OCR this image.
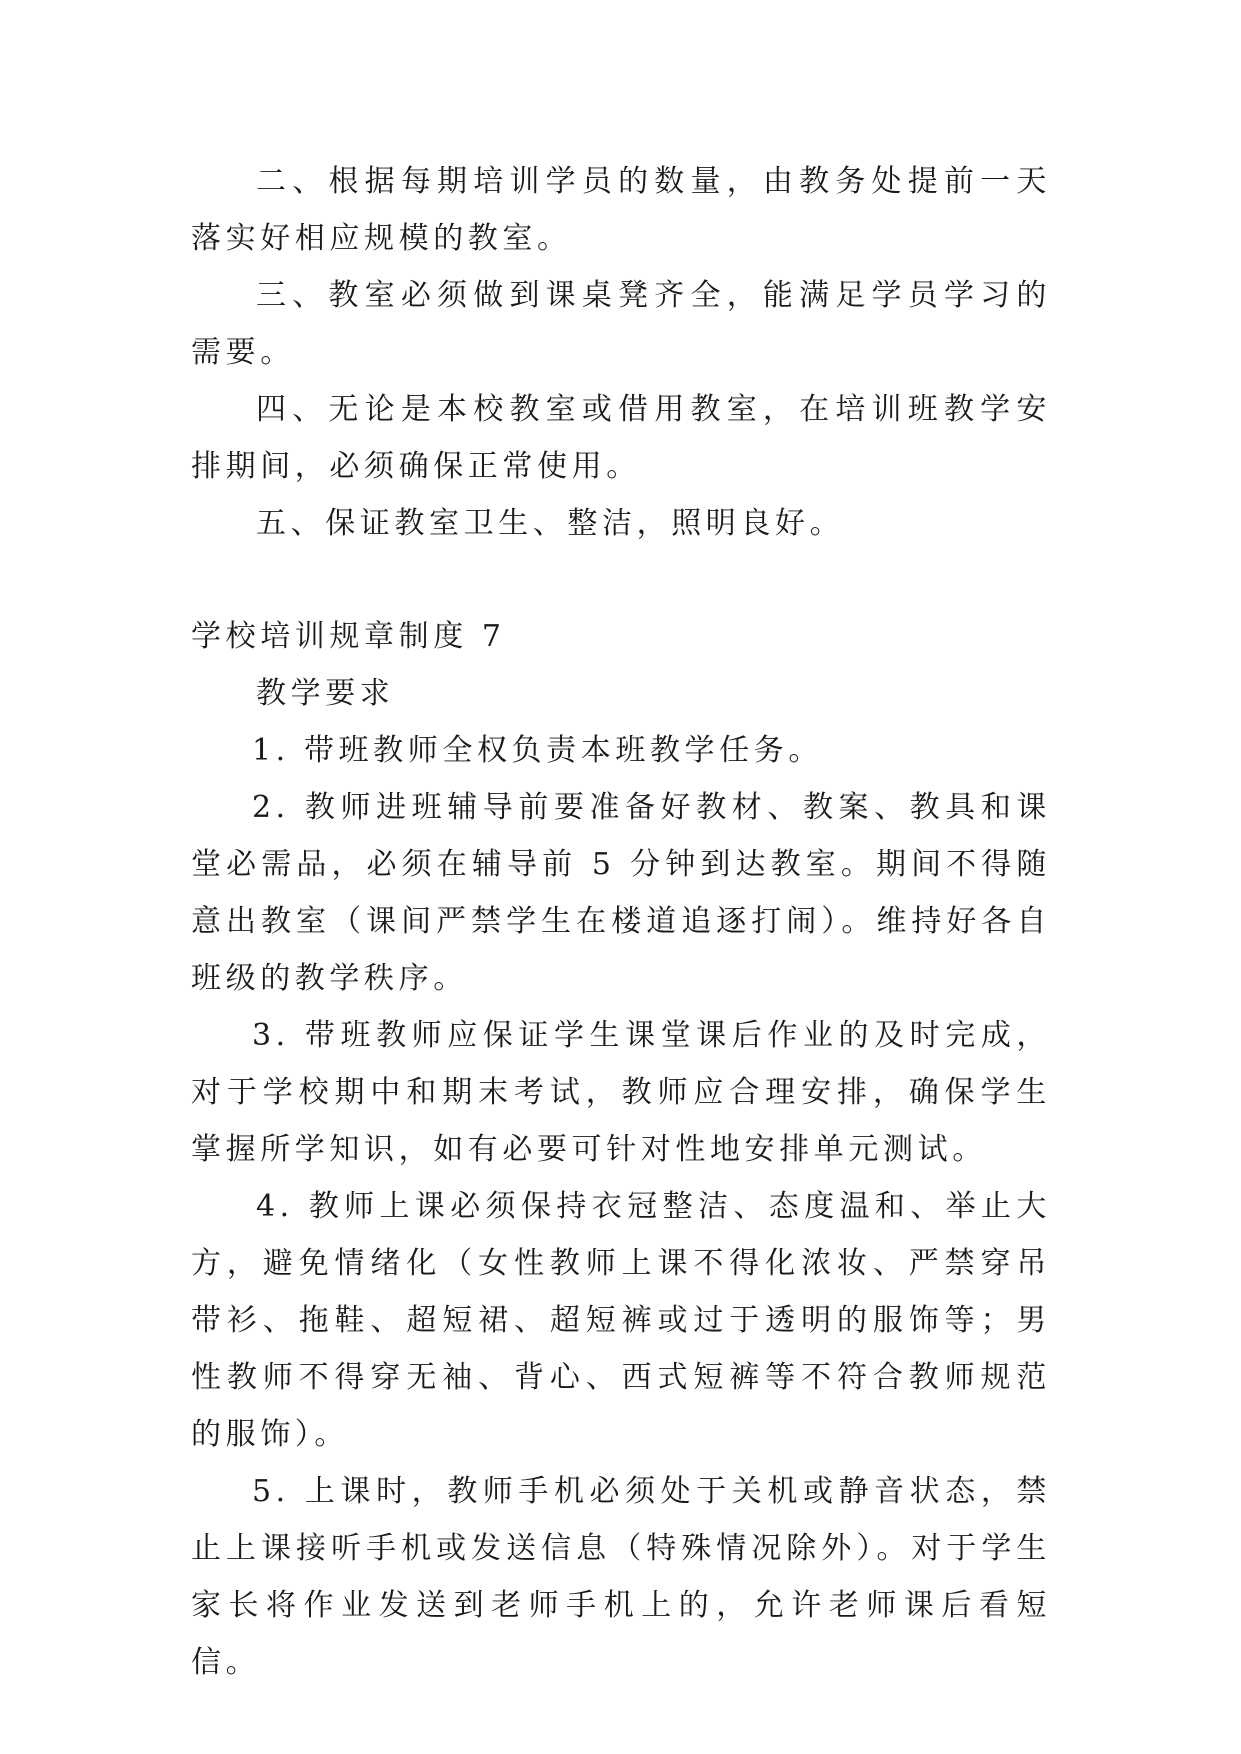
二、根据每期培训学员的数量，由教务处提前一天落实好相应规模的教室。

三、教室必须做到课桌凳齐全，能满足学员学习的需要。

四、无论是本校教室或借用教室，在培训班教学安排期间，必须确保正常使用。

五、保证教室卫生、整洁，照明良好。

学校培训规章制度 7

教学要求

1. 带班教师全权负责本班教学任务。

2. 教师进班辅导前要准备好教材、教案、教具和课堂必需品，必须在辅导前 5 分钟到达教室。期间不得随意出教室（课间严禁学生在楼道追逐打闹）。维持好各自班级的教学秩序。

3. 带班教师应保证学生课堂课后作业的及时完成，对于学校期中和期末考试，教师应合理安排，确保学生掌握所学知识，如有必要可针对性地安排单元测试。

4. 教师上课必须保持衣冠整洁、态度温和、举止大方，避免情绪化（女性教师上课不得化浓妆、严禁穿吊带衫、拖鞋、超短裙、超短裤或过于透明的服饰等；男性教师不得穿无袖、背心、西式短裤等不符合教师规范的服饰）。

5. 上课时，教师手机必须处于关机或静音状态，禁止上课接听手机或发送信息（特殊情况除外）。对于学生家长将作业发送到老师手机上的，允许老师课后看短信。
